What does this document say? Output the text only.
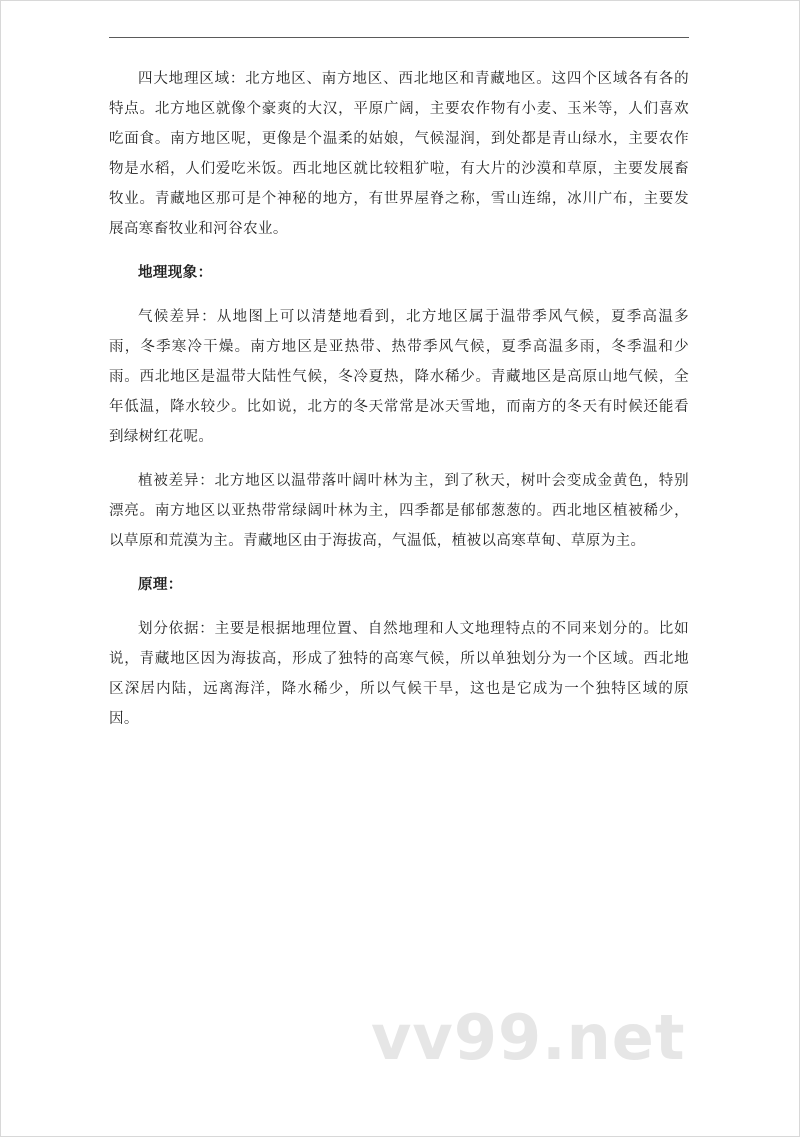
四大地理区域：北方地区、南方地区、西北地区和青藏地区。这四个区域各有各的特点。北方地区就像个豪爽的大汉，平原广阔，主要农作物有小麦、玉米等，人们喜欢吃面食。南方地区呢，更像是个温柔的姑娘，气候湿润，到处都是青山绿水，主要农作物是水稻，人们爱吃米饭。西北地区就比较粗犷啦，有大片的沙漠和草原，主要发展畜牧业。青藏地区那可是个神秘的地方，有世界屋脊之称，雪山连绵，冰川广布，主要发展高寒畜牧业和河谷农业。

地理现象：

气候差异：从地图上可以清楚地看到，北方地区属于温带季风气候，夏季高温多雨，冬季寒冷干燥。南方地区是亚热带、热带季风气候，夏季高温多雨，冬季温和少雨。西北地区是温带大陆性气候，冬冷夏热，降水稀少。青藏地区是高原山地气候，全年低温，降水较少。比如说，北方的冬天常常是冰天雪地，而南方的冬天有时候还能看到绿树红花呢。

植被差异：北方地区以温带落叶阔叶林为主，到了秋天，树叶会变成金黄色，特别漂亮。南方地区以亚热带常绿阔叶林为主，四季都是郁郁葱葱的。西北地区植被稀少，以草原和荒漠为主。青藏地区由于海拔高，气温低，植被以高寒草甸、草原为主。

原理：

划分依据：主要是根据地理位置、自然地理和人文地理特点的不同来划分的。比如说，青藏地区因为海拔高，形成了独特的高寒气候，所以单独划分为一个区域。西北地区深居内陆，远离海洋，降水稀少，所以气候干旱，这也是它成为一个独特区域的原因。

vv99.net
